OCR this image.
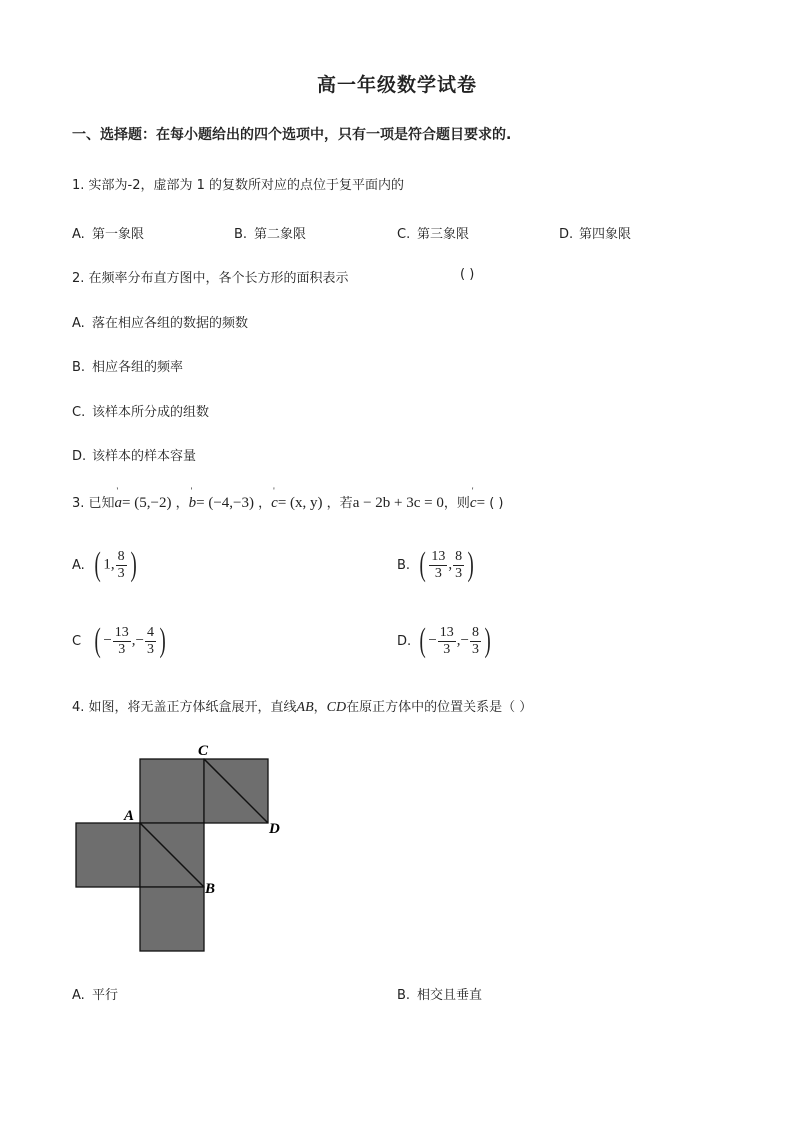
高一年级数学试卷
一、选择题：在每小题给出的四个选项中，只有一项是符合题目要求的.
1. 实部为-2，虚部为 1 的复数所对应的点位于复平面内的
A. 第一象限	B. 第二象限	C. 第三象限	D. 第四象限
2. 在频率分布直方图中，各个长方形的面积表示	( )
A. 落在相应各组的数据的频数
B. 相应各组的频率
C. 该样本所分成的组数
D. 该样本的样本容量
3. 已知' a= (5,−2) ，' b= (−4,−3) ，' c= (x, y) ，若a − 2b + 3c = 0，则' c= ( )
A. ( 1, $\frac{8}{3}$ )	B. ( $\frac{13}{3}$ , $\frac{8}{3}$ )
C ( − $\frac{13}{3}$ ,− $\frac{4}{3}$ )	D. ( − $\frac{13}{3}$ ,− $\frac{8}{3}$ )
4. 如图，将无盖正方体纸盒展开，直线AB，CD在原正方体中的位置关系是（ ）
C
A
D
B
A. 平行	B. 相交且垂直
